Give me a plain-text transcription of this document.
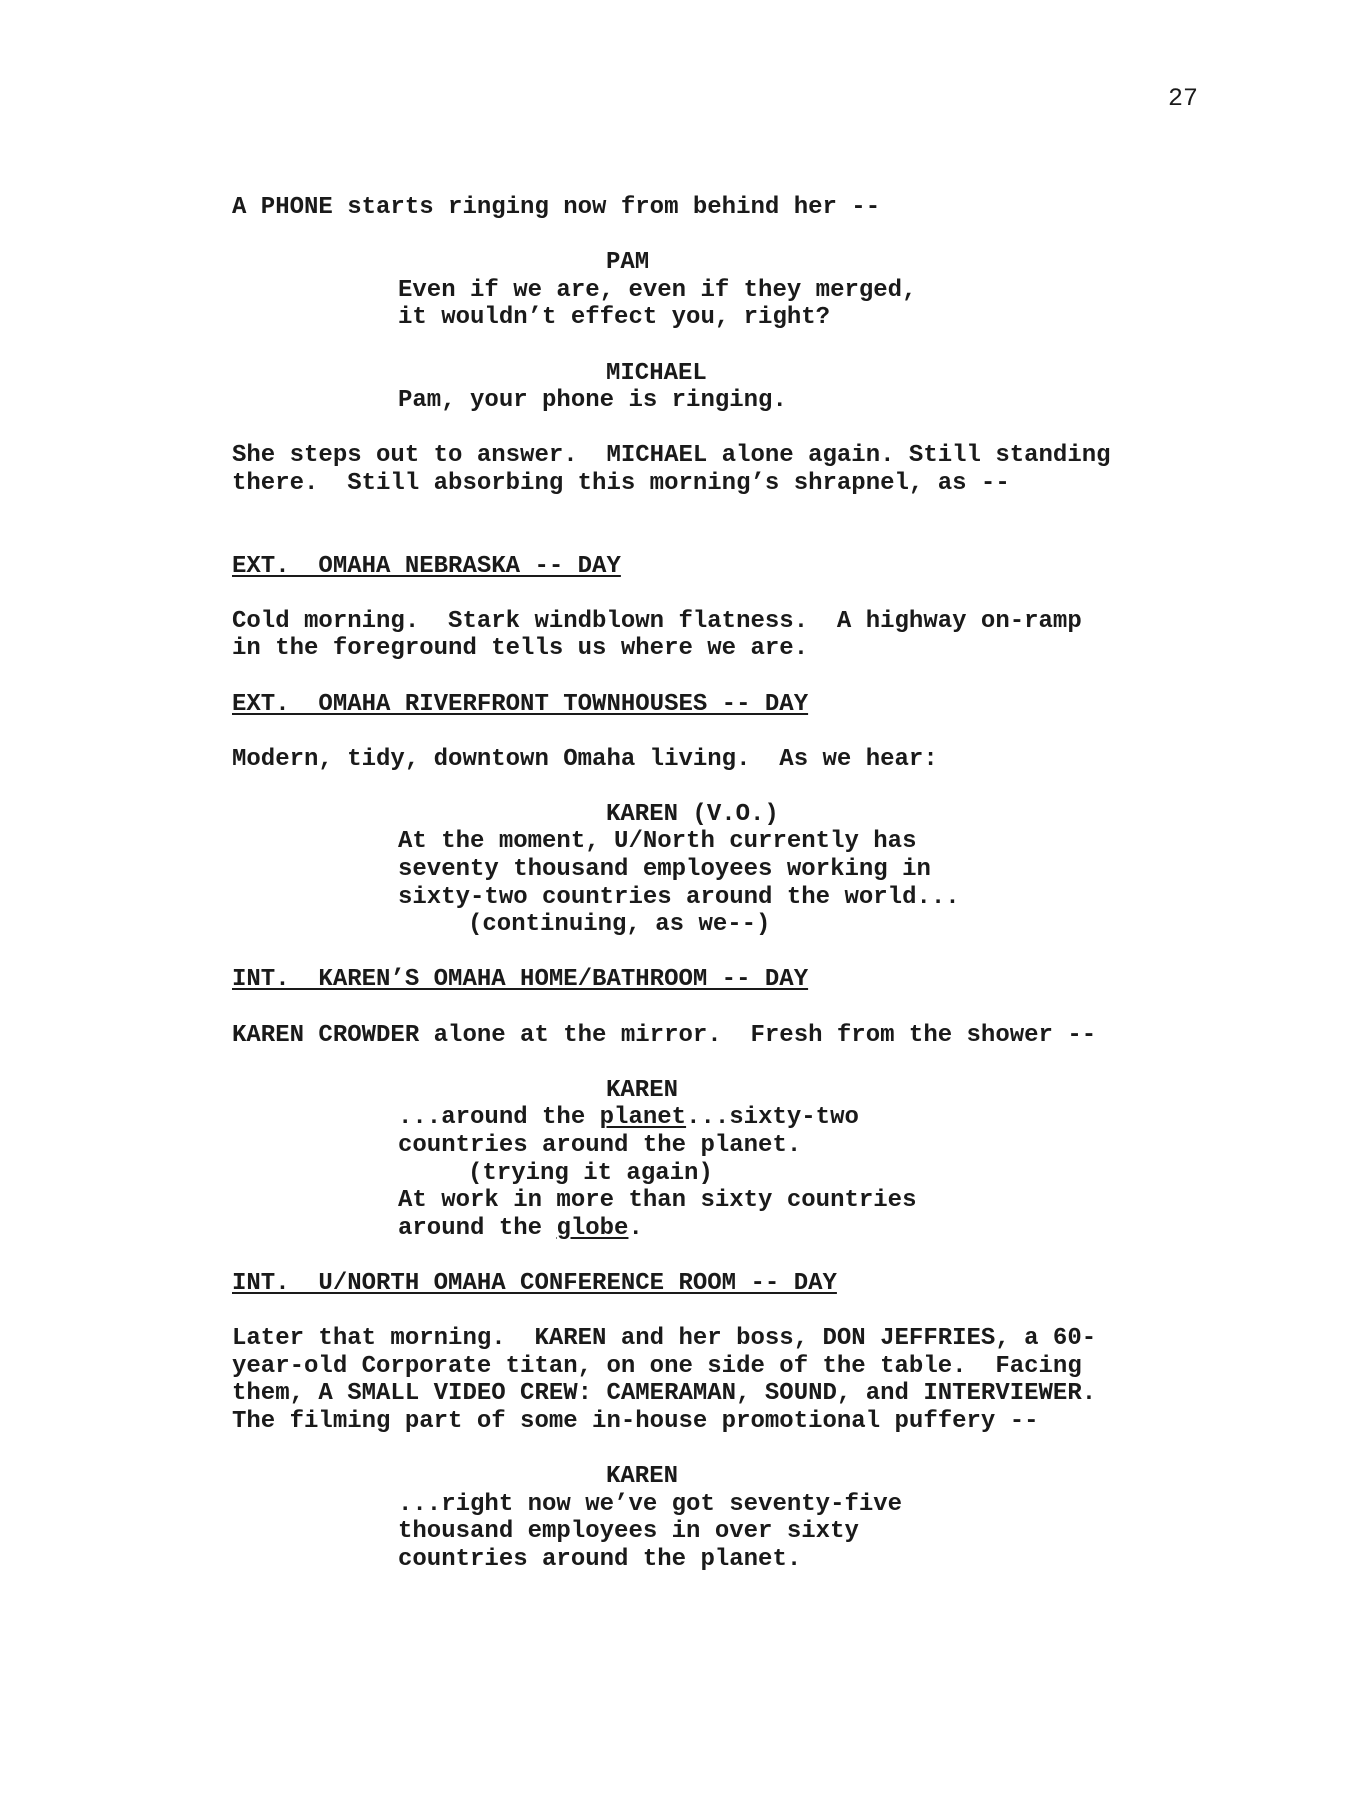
27
A PHONE starts ringing now from behind her --
PAM
Even if we are, even if they merged,
it wouldn’t effect you, right?
MICHAEL
Pam, your phone is ringing.
She steps out to answer.  MICHAEL alone again. Still standing
there.  Still absorbing this morning’s shrapnel, as --
EXT.  OMAHA NEBRASKA -- DAY
Cold morning.  Stark windblown flatness.  A highway on-ramp
in the foreground tells us where we are.
EXT.  OMAHA RIVERFRONT TOWNHOUSES -- DAY
Modern, tidy, downtown Omaha living.  As we hear:
KAREN (V.O.)
At the moment, U/North currently has
seventy thousand employees working in
sixty-two countries around the world...
(continuing, as we--)
INT.  KAREN’S OMAHA HOME/BATHROOM -- DAY
KAREN CROWDER alone at the mirror.  Fresh from the shower --
KAREN
...around the planet...sixty-two
countries around the planet.
(trying it again)
At work in more than sixty countries
around the globe.
INT.  U/NORTH OMAHA CONFERENCE ROOM -- DAY
Later that morning.  KAREN and her boss, DON JEFFRIES, a 60-
year-old Corporate titan, on one side of the table.  Facing
them, A SMALL VIDEO CREW: CAMERAMAN, SOUND, and INTERVIEWER.
The filming part of some in-house promotional puffery --
KAREN
...right now we’ve got seventy-five
thousand employees in over sixty
countries around the planet.
